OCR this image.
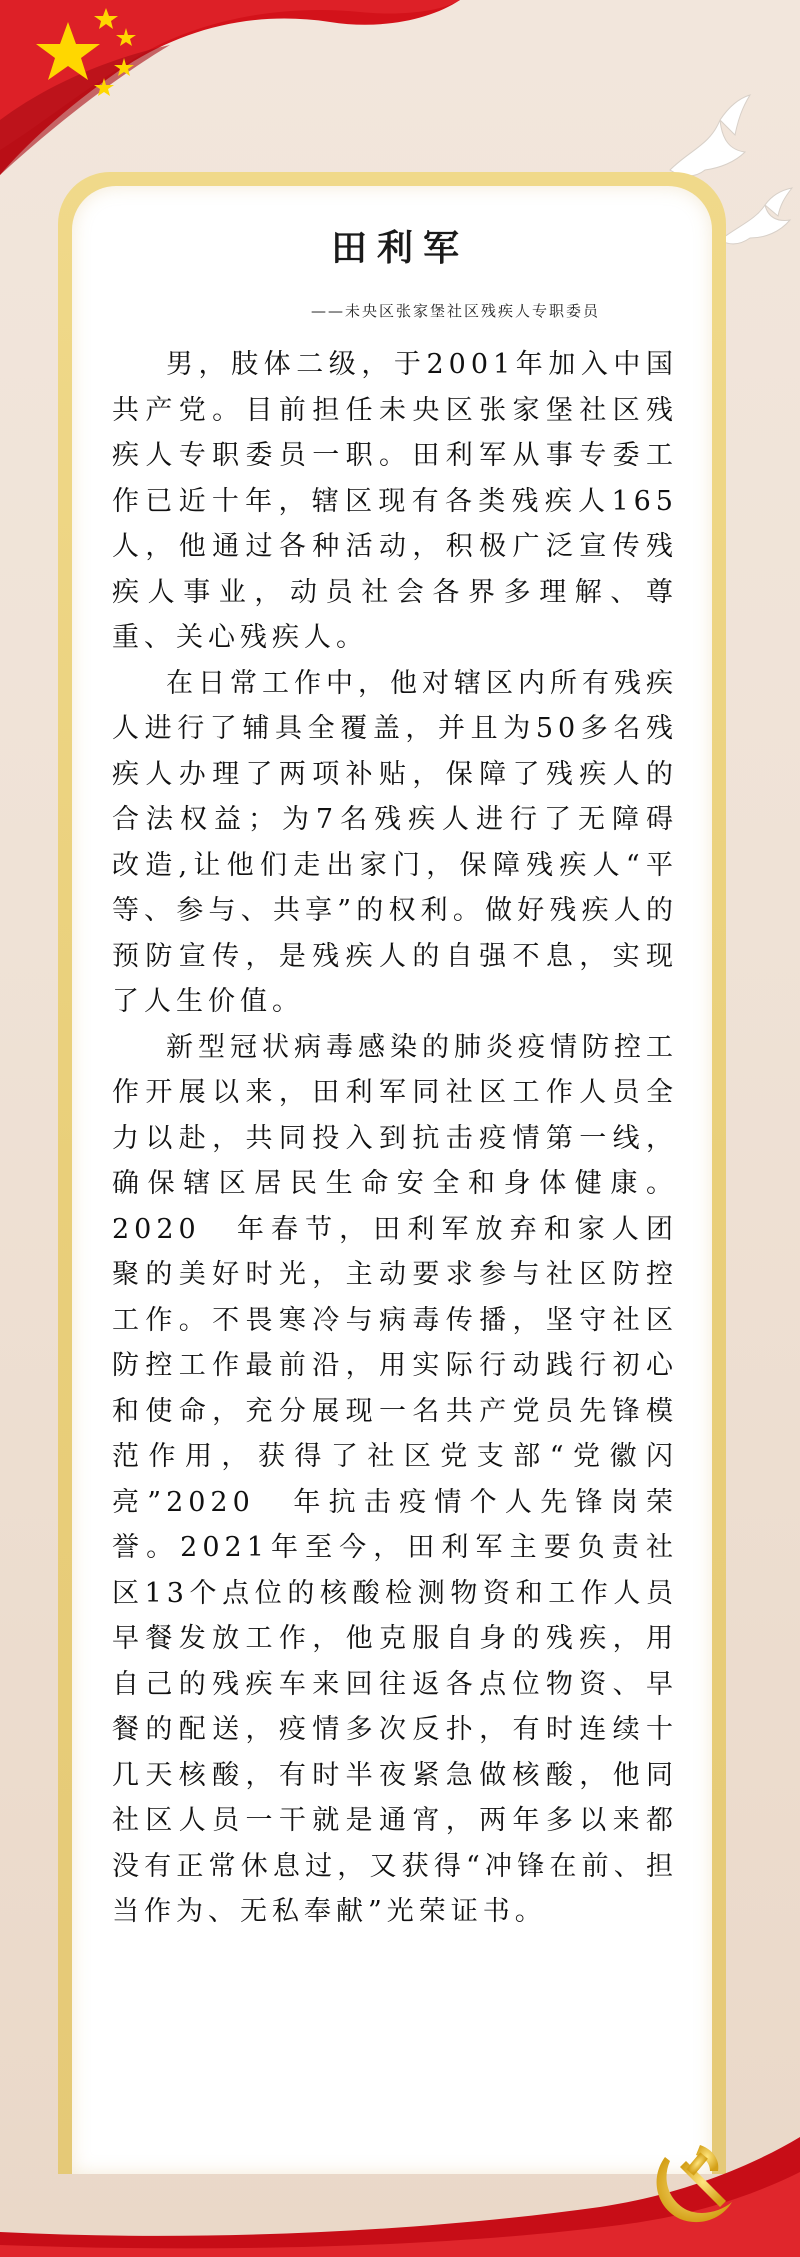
田利军
——未央区张家堡社区残疾人专职委员

男，肢体二级，于2001年加入中国共产党。目前担任未央区张家堡社区残疾人专职委员一职。田利军从事专委工作已近十年，辖区现有各类残疾人165人，他通过各种活动，积极广泛宣传残疾人事业，动员社会各界多理解、尊重、关心残疾人。

在日常工作中，他对辖区内所有残疾人进行了辅具全覆盖，并且为50多名残疾人办理了两项补贴，保障了残疾人的合法权益；为7名残疾人进行了无障碍改造,让他们走出家门，保障残疾人“平等、参与、共享”的权利。做好残疾人的预防宣传，是残疾人的自强不息，实现了人生价值。

新型冠状病毒感染的肺炎疫情防控工作开展以来，田利军同社区工作人员全力以赴，共同投入到抗击疫情第一线，确保辖区居民生命安全和身体健康。2020　年春节，田利军放弃和家人团聚的美好时光，主动要求参与社区防控工作。不畏寒冷与病毒传播，坚守社区防控工作最前沿，用实际行动践行初心和使命，充分展现一名共产党员先锋模范作用，获得了社区党支部“党徽闪亮”2020　年抗击疫情个人先锋岗荣誉。2021年至今，田利军主要负责社区13个点位的核酸检测物资和工作人员早餐发放工作，他克服自身的残疾，用自己的残疾车来回往返各点位物资、早餐的配送，疫情多次反扑，有时连续十几天核酸，有时半夜紧急做核酸，他同社区人员一干就是通宵，两年多以来都没有正常休息过，又获得“冲锋在前、担当作为、无私奉献”光荣证书。
